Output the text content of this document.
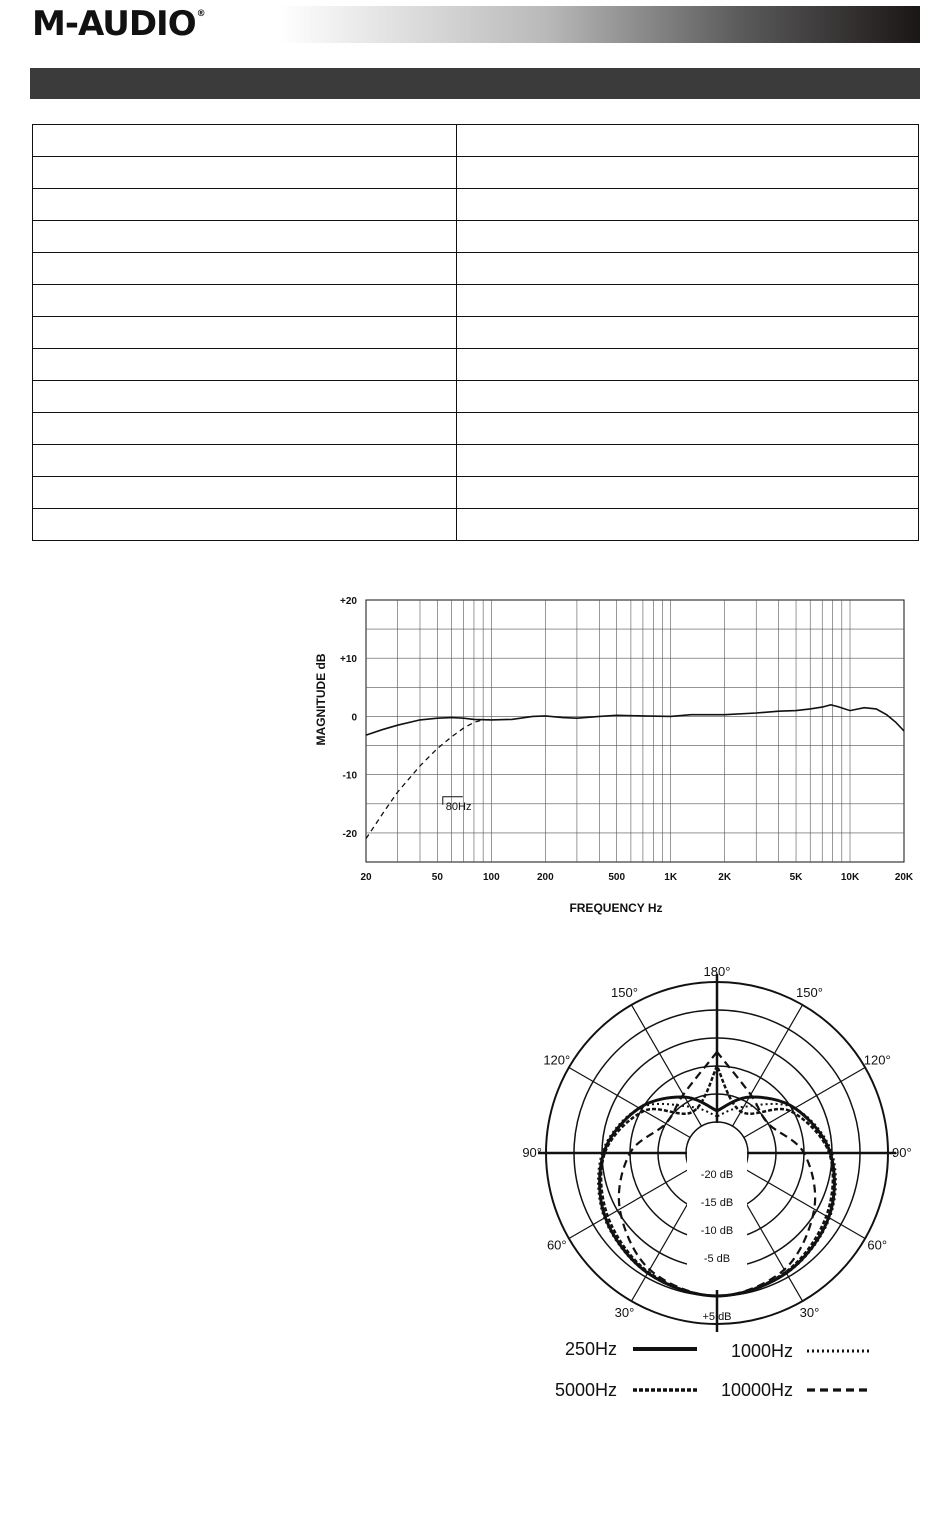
M-AUDIO®

20	50	100	200	500	1K	2K	5K	10K	20K
+20
+10
0
-10
-20
FREQUENCY Hz
MAGNITUDE dB
80Hz
180°
150°
150°
120°
120°
90°
90°
60°
60°
30°
30°
-20 dB
-15 dB
-10 dB
-5 dB
+5 dB
250Hz	1000Hz
5000Hz	10000Hz
